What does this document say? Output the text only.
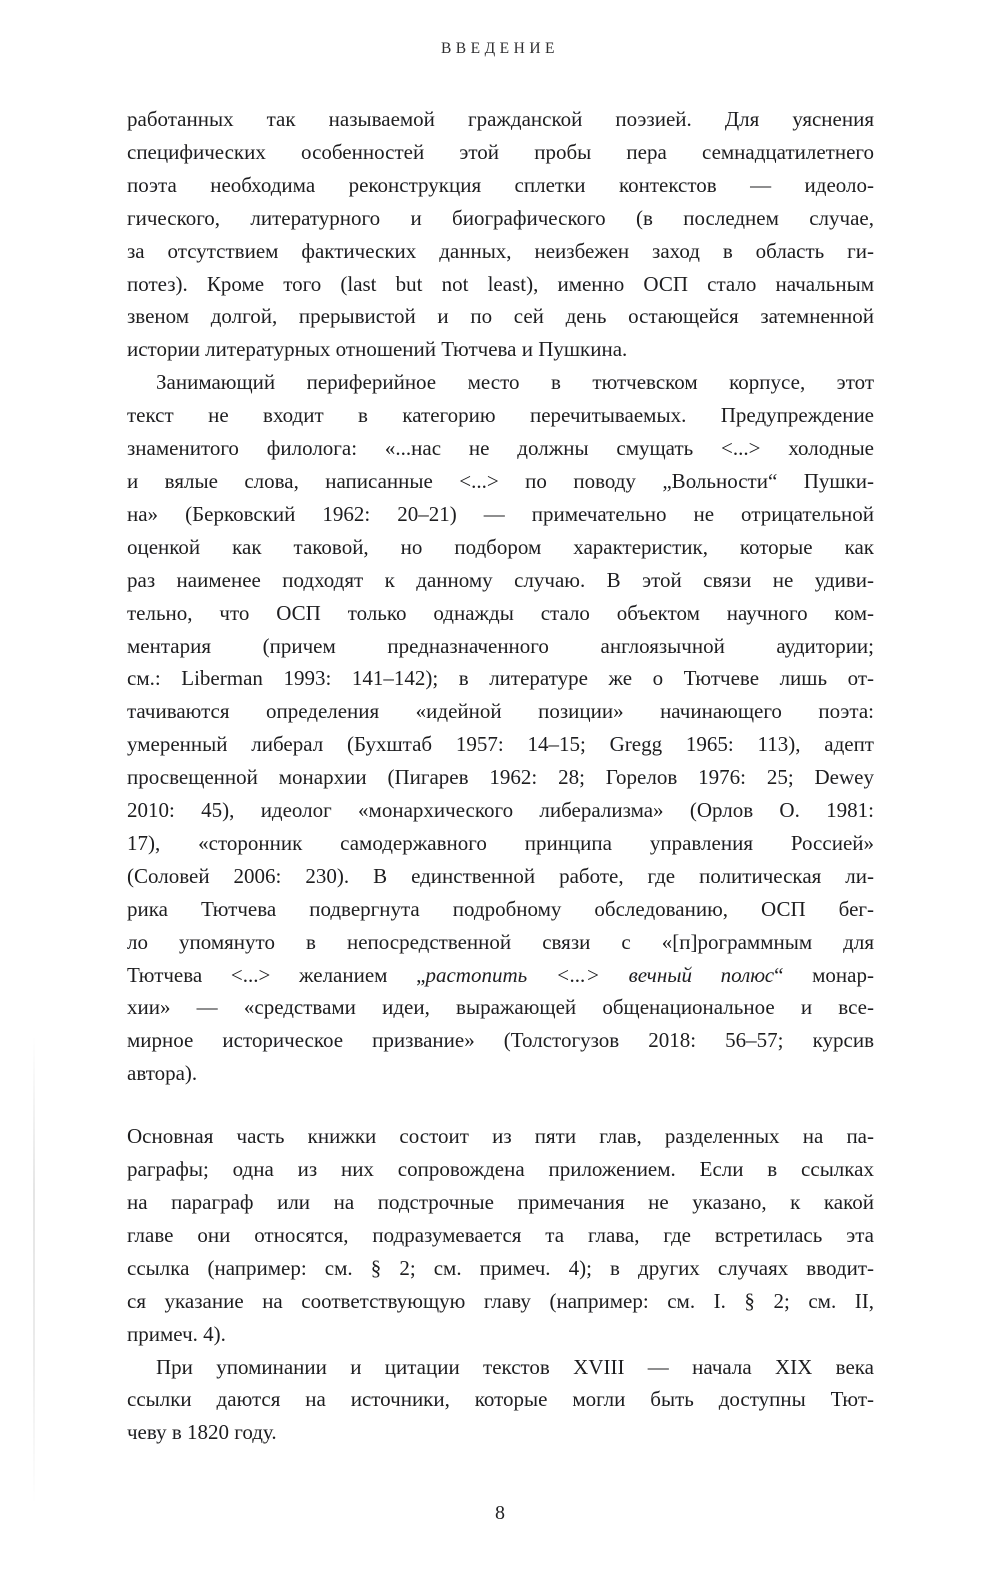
ВВЕДЕНИЕ
работанных так называемой гражданской поэзией. Для уяснения
специфических особенностей этой пробы пера семнадцатилетнего
поэта необходима реконструкция сплетки контекстов — идеоло-
гического, литературного и биографического (в последнем случае,
за отсутствием фактических данных, неизбежен заход в область ги-
потез). Кроме того (last but not least), именно ОСП стало начальным
звеном долгой, прерывистой и по сей день остающейся затемненной
истории литературных отношений Тютчева и Пушкина.
Занимающий периферийное место в тютчевском корпусе, этот
текст не входит в категорию перечитываемых. Предупреждение
знаменитого филолога: «...нас не должны смущать <...> холодные
и вялые слова, написанные <...> по поводу „Вольности“ Пушки-
на» (Берковский 1962: 20–21) — примечательно не отрицательной
оценкой как таковой, но подбором характеристик, которые как
раз наименее подходят к данному случаю. В этой связи не удиви-
тельно, что ОСП только однажды стало объектом научного ком-
ментария (причем предназначенного англоязычной аудитории;
см.: Liberman 1993: 141–142); в литературе же о Тютчеве лишь от-
тачиваются определения «идейной позиции» начинающего поэта:
умеренный либерал (Бухштаб 1957: 14–15; Gregg 1965: 113), адепт
просвещенной монархии (Пигарев 1962: 28; Горелов 1976: 25; Dewey
2010: 45), идеолог «монархического либерализма» (Орлов О. 1981:
17), «сторонник самодержавного принципа управления Россией»
(Соловей 2006: 230). В единственной работе, где политическая ли-
рика Тютчева подвергнута подробному обследованию, ОСП бег-
ло упомянуто в непосредственной связи с «[п]рограммным для
Тютчева <...> желанием „растопить <...> вечный полюс“ монар-
хии» — «средствами идеи, выражающей общенациональное и все-
мирное историческое призвание» (Толстогузов 2018: 56–57; курсив
автора).
Основная часть книжки состоит из пяти глав, разделенных на па-
раграфы; одна из них сопровождена приложением. Если в ссылках
на параграф или на подстрочные примечания не указано, к какой
главе они относятся, подразумевается та глава, где встретилась эта
ссылка (например: см. § 2; см. примеч. 4); в других случаях вводит-
ся указание на соответствующую главу (например: см. I. § 2; см. II,
примеч. 4).
При упоминании и цитации текстов XVIII — начала XIX века
ссылки даются на источники, которые могли быть доступны Тют-
чеву в 1820 году.
8
